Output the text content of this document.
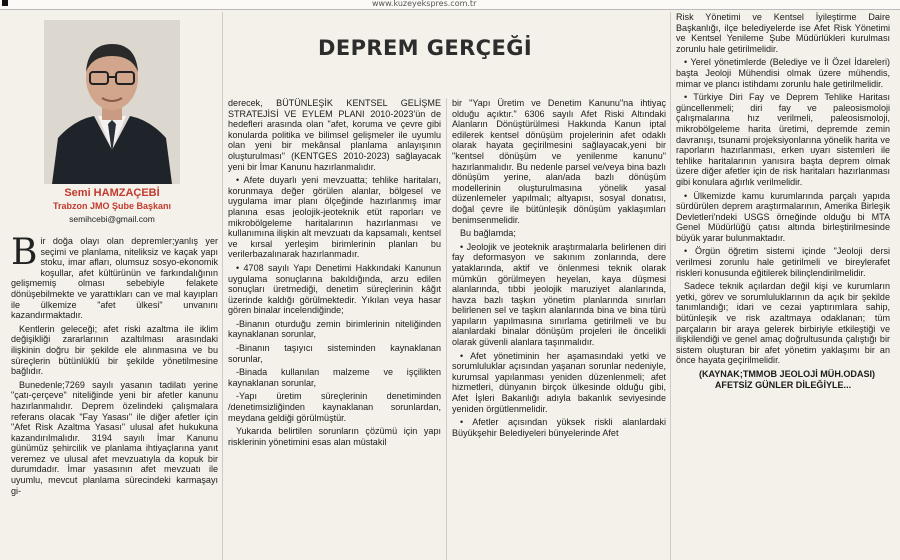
www.kuzeyekspres.com.tr
Semi HAMZAÇEBİ
Trabzon JMO Şube Başkanı
semihcebi@gmail.com
DEPREM GERÇEĞİ

Bir doğa olayı olan depremler;yanlış yer seçimi ve planlama, niteliksiz ve kaçak yapı stoku, imar afları, olumsuz sosyo-ekonomik koşullar, afet kültürünün ve farkındalığının gelişmemiş olması sebebiyle felakete dönüşebilmekte ve yarattıkları can ve mal kayıpları ile ülkemize "afet ülkesi" unvanını kazandırmaktadır.

Kentlerin geleceği; afet riski azaltma ile iklim değişikliği zararlarının azaltılması arasındaki ilişkinin doğru bir şekilde ele alınmasına ve bu süreçlerin bütünlüklü bir şekilde yönetilmesine bağlıdır.

Bunedenle;7269 sayılı yasanın tadilatı yerine "çatı-çerçeve" niteliğinde yeni bir afetler kanunu hazırlanmalıdır. Deprem özelindeki çalışmalara referans olacak "Fay Yasası" ile diğer afetler için "Afet Risk Azaltma Yasası" ulusal afet hukukuna kazandırılmalıdır. 3194 sayılı İmar Kanunu günümüz şehircilik ve planlama ihtiyaçlarına yanıt veremez ve ulusal afet mevzuatıyla da kopuk bir durumdadır. İmar yasasının afet mevzuatı ile uyumlu, mevcut planlama sürecindeki karmaşayı gi-

derecek, BÜTÜNLEŞİK KENTSEL GELİŞME STRATEJİSİ VE EYLEM PLANI 2010-2023'ün de hedefleri arasında olan "afet, koruma ve çevre gibi konularda politika ve bilimsel gelişmeler ile uyumlu olan yeni bir mekânsal planlama anlayışının oluşturulması" (KENTGES 2010-2023) sağlayacak yeni bir İmar Kanunu hazırlanmalıdır.

• Afete duyarlı yeni mevzuatta; tehlike haritaları, korunmaya değer görülen alanlar, bölgesel ve uygulama imar planı ölçeğinde hazırlanmış imar planına esas jeolojik-jeoteknik etüt raporları ve mikrobölgeleme haritalarının hazırlanması ve kullanımına ilişkin alt mevzuatı da kapsamalı, kentsel ve kırsal yerleşim birimlerinin planları bu verilerbazalınarak hazırlanmadır.

• 4708 sayılı Yapı Denetimi Hakkındaki Kanunun uygulama sonuçlarına bakıldığında, arzu edilen sonuçları üretmediği, denetim süreçlerinin kâğıt üzerinde kaldığı görülmektedir. Yıkılan veya hasar gören binalar incelendiğinde;

-Binanın oturduğu zemin birimlerinin niteliğinden kaynaklanan sorunlar,

-Binanın taşıyıcı sisteminden kaynaklanan sorunlar,

-Binada kullanılan malzeme ve işçilikten kaynaklanan sorunlar,

-Yapı üretim süreçlerinin denetiminden /denetimsizliğinden kaynaklanan sorunlardan, meydana geldiği görülmüştür.

Yukarıda belirtilen sorunların çözümü için yapı risklerinin yönetimini esas alan müstakil

bir "Yapı Üretim ve Denetim Kanunu"na ihtiyaç olduğu açıktır." 6306 sayılı Afet Riski Altındaki Alanların Dönüştürülmesi Hakkında Kanun iptal edilerek kentsel dönüşüm projelerinin afet odaklı olarak hayata geçirilmesini sağlayacak,yeni bir "kentsel dönüşüm ve yenilenme kanunu" hazırlanmalıdır. Bu nedenle parsel ve/veya bina bazlı dönüşüm yerine, alan/ada bazlı dönüşüm modellerinin oluşturulmasına yönelik yasal düzenlemeler yapılmalı; altyapısı, sosyal donatısı, doğal çevre ile bütünleşik dönüşüm yaklaşımları benimsenmelidir.

Bu bağlamda;

• Jeolojik ve jeoteknik araştırmalarla belirlenen diri fay deformasyon ve sakınım zonlarında, dere yataklarında, aktif ve önlenmesi teknik olarak mümkün görülmeyen heyelan, kaya düşmesi alanlarında, tıbbi jeolojik maruziyet alanlarında, havza bazlı taşkın yönetim planlarında sınırları belirlenen sel ve taşkın alanlarında bina ve bina türü yapıların yapılmasına sınırlama getirilmeli ve bu alanlardaki binalar dönüşüm projeleri ile öncelikli olarak güvenli alanlara taşınmalıdır.

• Afet yönetiminin her aşamasındaki yetki ve sorumluluklar açısından yaşanan sorunlar nedeniyle, kurumsal yapılanması yeniden düzenlenmeli; afet hizmetleri, dünyanın birçok ülkesinde olduğu gibi, Afet İşleri Bakanlığı adıyla bakanlık seviyesinde yeniden örgütlenmelidir.

• Afetler açısından yüksek riskli alanlardaki Büyükşehir Belediyeleri bünyelerinde Afet

Risk Yönetimi ve Kentsel İyileştirme Daire Başkanlığı, ilçe belediyelerde ise Afet Risk Yönetimi ve Kentsel Yenileme Şube Müdürlükleri kurulması zorunlu hale getirilmelidir.

• Yerel yönetimlerde (Belediye ve İl Özel İdareleri) başta Jeoloji Mühendisi olmak üzere mühendis, mimar ve plancı istihdamı zorunlu hale getirilmelidir.

• Türkiye Diri Fay ve Deprem Tehlike Haritası güncellenmeli; diri fay ve paleosismoloji çalışmalarına hız verilmeli, paleosismoloji, mikrobölgeleme harita üretimi, depremde zemin davranışı, tsunami projeksiyonlarına yönelik harita ve raporların hazırlanması, erken uyarı sistemleri ile tehlike haritalarının yanısıra başta deprem olmak üzere diğer afetler için de risk haritaları hazırlanması gibi konulara ağırlık verilmelidir.

• Ülkemizde kamu kurumlarında parçalı yapıda sürdürülen deprem araştırmalarının, Amerika Birleşik Devletleri'ndeki USGS örneğinde olduğu bi MTA Genel Müdürlüğü çatısı altında birleştirilmesinde büyük yarar bulunmaktadır.

• Örgün öğretim sistemi içinde "Jeoloji dersi verilmesi zorunlu hale getirilmeli ve bireylerafet riskleri konusunda eğitilerek bilinçlendirilmelidir.

Sadece teknik açılardan değil kişi ve kurumların yetki, görev ve sorumluluklarının da açık bir şekilde tanımlandığı; idari ve cezai yaptırımlara sahip, bütünleşik ve risk azaltmaya odaklanan; tüm parçaların bir araya gelerek birbiriyle etkileştiği ve ilişkilendiği ve genel amaç doğrultusunda çalıştığı bir sistem oluşturan bir afet yönetim yaklaşımı bir an önce hayata geçirilmelidir.

(KAYNAK;TMMOB JEOLOJİ MÜH.ODASI) AFETSİZ GÜNLER DİLEĞİYLE...
